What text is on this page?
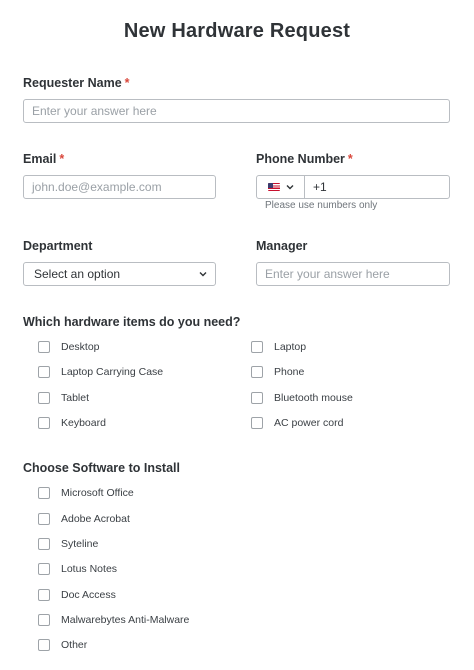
New Hardware Request
Requester Name *
Enter your answer here
Email *
john.doe@example.com
Phone Number *
+1
Please use numbers only
Department
Select an option
Manager
Enter your answer here
Which hardware items do you need?
Desktop
Laptop Carrying Case
Tablet
Keyboard
Laptop
Phone
Bluetooth mouse
AC power cord
Choose Software to Install
Microsoft Office
Adobe Acrobat
Syteline
Lotus Notes
Doc Access
Malwarebytes Anti-Malware
Other
